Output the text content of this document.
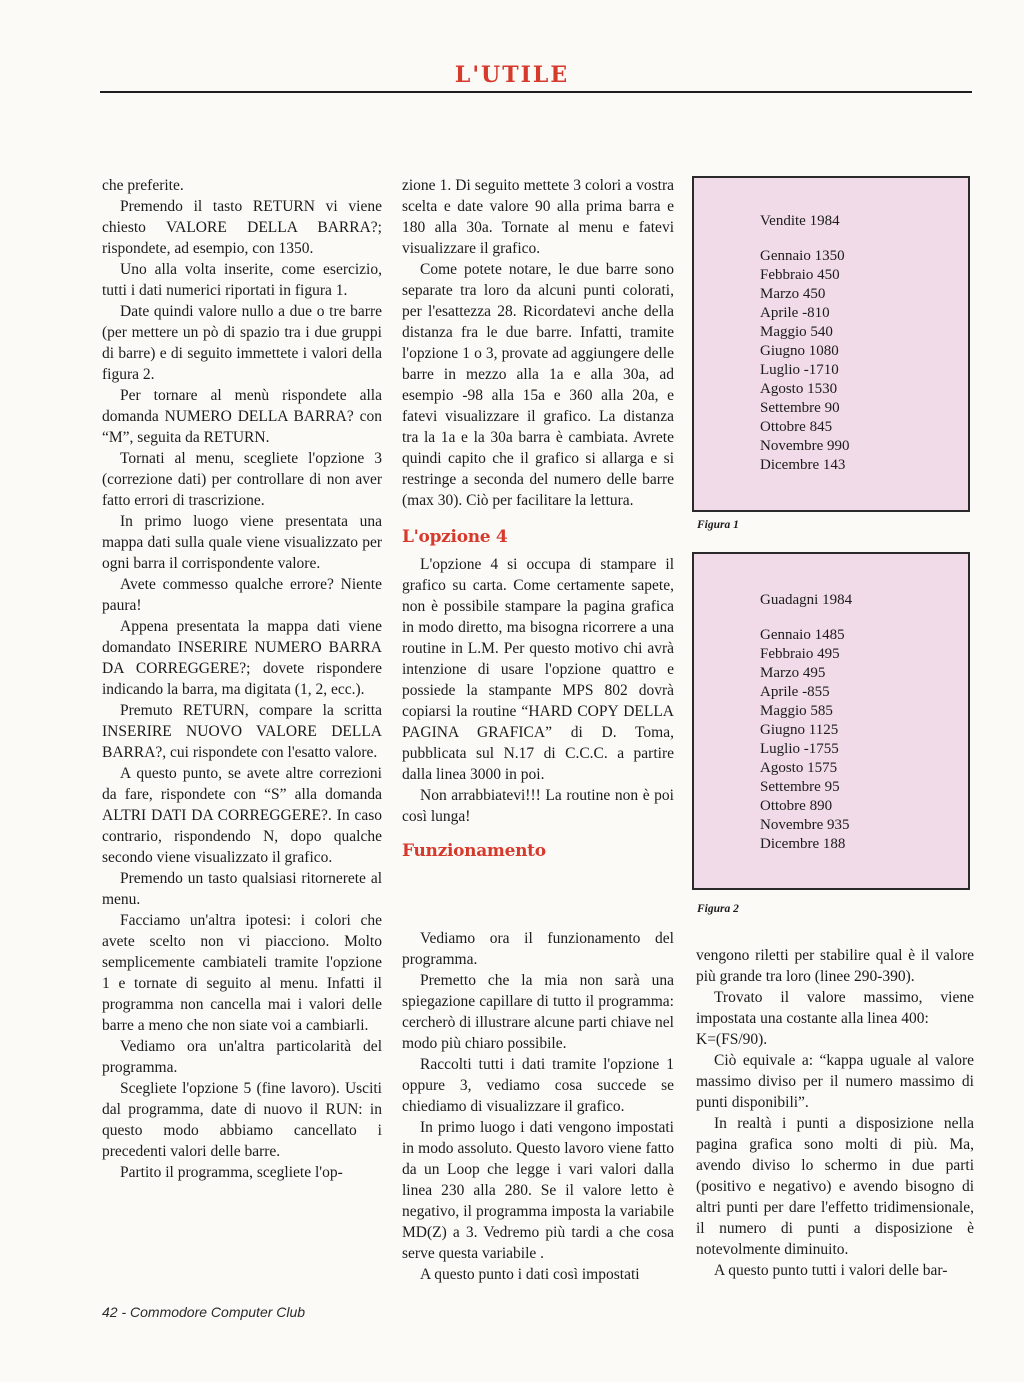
L'UTILE

che preferite.

Premendo il tasto RETURN vi viene chiesto VALORE DELLA BARRA?; rispondete, ad esempio, con 1350.

Uno alla volta inserite, come esercizio, tutti i dati numerici riportati in figura 1.

Date quindi valore nullo a due o tre barre (per mettere un pò di spazio tra i due gruppi di barre) e di seguito immettete i valori della figura 2.

Per tornare al menù rispondete alla domanda NUMERO DELLA BARRA? con “M”, seguita da RETURN.

Tornati al menu, scegliete l'opzione 3 (correzione dati) per controllare di non aver fatto errori di trascrizione.

In primo luogo viene presentata una mappa dati sulla quale viene visualizzato per ogni barra il corrispondente valore.

Avete commesso qualche errore? Niente paura!

Appena presentata la mappa dati viene domandato INSERIRE NUMERO BARRA DA CORREGGERE?; dovete rispondere indicando la barra, ma digitata (1, 2, ecc.).

Premuto RETURN, compare la scritta INSERIRE NUOVO VALORE DELLA BARRA?, cui rispondete con l'esatto valore.

A questo punto, se avete altre correzioni da fare, rispondete con “S” alla domanda ALTRI DATI DA CORREGGERE?. In caso contrario, rispondendo N, dopo qualche secondo viene visualizzato il grafico.

Premendo un tasto qualsiasi ritornerete al menu.

Facciamo un'altra ipotesi: i colori che avete scelto non vi piacciono. Molto semplicemente cambiateli tramite l'opzione 1 e tornate di seguito al menu. Infatti il programma non cancella mai i valori delle barre a meno che non siate voi a cambiarli.

Vediamo ora un'altra particolarità del programma.

Scegliete l'opzione 5 (fine lavoro). Usciti dal programma, date di nuovo il RUN: in questo modo abbiamo cancellato i precedenti valori delle barre.

Partito il programma, scegliete l'op-

zione 1. Di seguito mettete 3 colori a vostra scelta e date valore 90 alla prima barra e 180 alla 30a. Tornate al menu e fatevi visualizzare il grafico.

Come potete notare, le due barre sono separate tra loro da alcuni punti colorati, per l'esattezza 28. Ricordatevi anche della distanza fra le due barre. Infatti, tramite l'opzione 1 o 3, provate ad aggiungere delle barre in mezzo alla 1a e alla 30a, ad esempio -98 alla 15a e 360 alla 20a, e fatevi visualizzare il grafico. La distanza tra la 1a e la 30a barra è cambiata. Avrete quindi capito che il grafico si allarga e si restringe a seconda del numero delle barre (max 30). Ciò per facilitare la lettura.

L'opzione 4

L'opzione 4 si occupa di stampare il grafico su carta. Come certamente sapete, non è possibile stampare la pagina grafica in modo diretto, ma bisogna ricorrere a una routine in L.M. Per questo motivo chi avrà intenzione di usare l'opzione quattro e possiede la stampante MPS 802 dovrà copiarsi la routine “HARD COPY DELLA PAGINA GRAFICA” di D. Toma, pubblicata sul N.17 di C.C.C. a partire dalla linea 3000 in poi.

Non arrabbiatevi!!! La routine non è poi così lunga!

Funzionamento

Vediamo ora il funzionamento del programma.

Premetto che la mia non sarà una spiegazione capillare di tutto il programma: cercherò di illustrare alcune parti chiave nel modo più chiaro possibile.

Raccolti tutti i dati tramite l'opzione 1 oppure 3, vediamo cosa succede se chiediamo di visualizzare il grafico.

In primo luogo i dati vengono impostati in modo assoluto. Questo lavoro viene fatto da un Loop che legge i vari valori dalla linea 230 alla 280. Se il valore letto è negativo, il programma imposta la variabile MD(Z) a 3. Vedremo più tardi a che cosa serve questa variabile .

A questo punto i dati così impostati

Vendite 1984
Gennaio 1350
Febbraio 450
Marzo 450
Aprile -810
Maggio 540
Giugno 1080
Luglio -1710
Agosto 1530
Settembre 90
Ottobre 845
Novembre 990
Dicembre 143
Figura 1
Guadagni 1984
Gennaio 1485
Febbraio 495
Marzo 495
Aprile -855
Maggio 585
Giugno 1125
Luglio -1755
Agosto 1575
Settembre 95
Ottobre 890
Novembre 935
Dicembre 188
Figura 2

vengono riletti per stabilire qual è il valore più grande tra loro (linee 290-390).

Trovato il valore massimo, viene impostata una costante alla linea 400:

K=(FS/90).

Ciò equivale a: “kappa uguale al valore massimo diviso per il numero massimo di punti disponibili”.

In realtà i punti a disposizione nella pagina grafica sono molti di più. Ma, avendo diviso lo schermo in due parti (positivo e negativo) e avendo bisogno di altri punti per dare l'effetto tridimensionale, il numero di punti a disposizione è notevolmente diminuito.

A questo punto tutti i valori delle bar-

42 - Commodore Computer Club
